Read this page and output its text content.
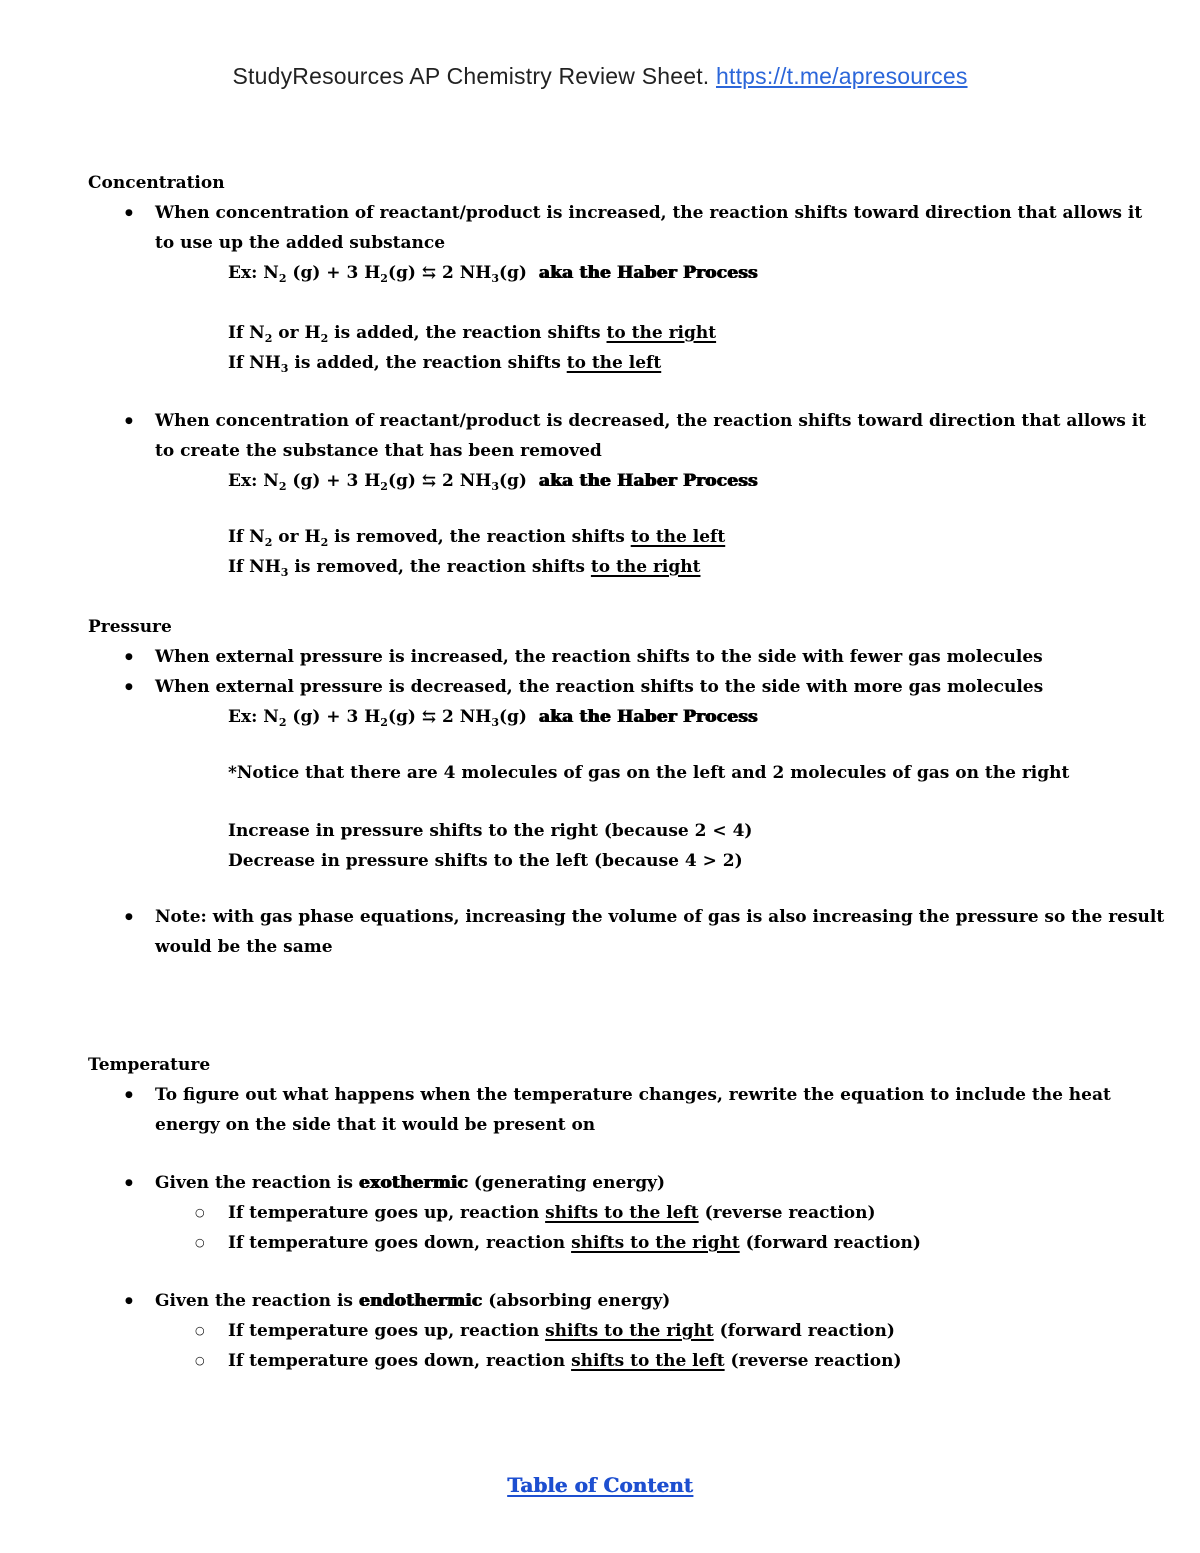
StudyResources AP Chemistry Review Sheet. https://t.me/apresources
Concentration
● When concentration of reactant/product is increased, the reaction shifts toward direction that allows it
to use up the added substance
Ex: $N_2$ (g) + 3 $H_2(g)$ ⇆ 2 $NH_3(g)$  aka the Haber Process
If $N_2$ or $H_2$ is added, the reaction shifts to the right
If $NH_3$ is added, the reaction shifts to the left
● When concentration of reactant/product is decreased, the reaction shifts toward direction that allows it
to create the substance that has been removed
Ex: $N_2$ (g) + 3 $H_2(g)$ ⇆ 2 $NH_3(g)$  aka the Haber Process
If $N_2$ or $H_2$ is removed, the reaction shifts to the left
If $NH_3$ is removed, the reaction shifts to the right
Pressure
● When external pressure is increased, the reaction shifts to the side with fewer gas molecules
● When external pressure is decreased, the reaction shifts to the side with more gas molecules
Ex: $N_2$ (g) + 3 $H_2(g)$ ⇆ 2 $NH_3(g)$  aka the Haber Process
*Notice that there are 4 molecules of gas on the left and 2 molecules of gas on the right
Increase in pressure shifts to the right (because 2 < 4)
Decrease in pressure shifts to the left (because 4 > 2)
● Note: with gas phase equations, increasing the volume of gas is also increasing the pressure so the result
would be the same
Temperature
● To figure out what happens when the temperature changes, rewrite the equation to include the heat
energy on the side that it would be present on
● Given the reaction is exothermic (generating energy)
○ If temperature goes up, reaction shifts to the left (reverse reaction)
○ If temperature goes down, reaction shifts to the right (forward reaction)
● Given the reaction is endothermic (absorbing energy)
○ If temperature goes up, reaction shifts to the right (forward reaction)
○ If temperature goes down, reaction shifts to the left (reverse reaction)
Table of Content
